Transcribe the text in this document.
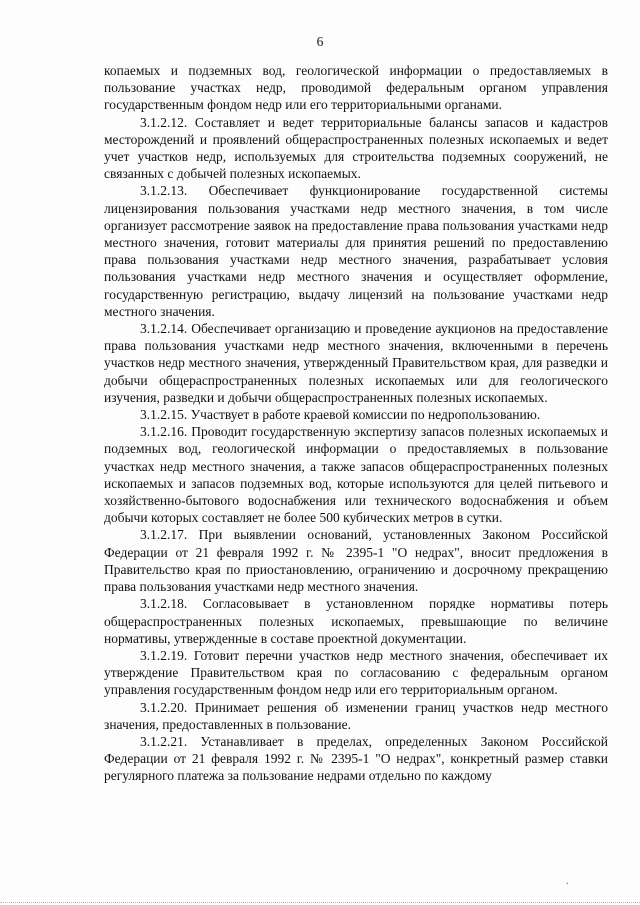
6

копаемых и подземных вод, геологической информации о предоставляемых в пользование участках недр, проводимой федеральным органом управления государственным фондом недр или его территориальными органами.

3.1.2.12. Составляет и ведет территориальные балансы запасов и кадастров месторождений и проявлений общераспространенных полезных ископаемых и ведет учет участков недр, используемых для строительства подземных сооружений, не связанных с добычей полезных ископаемых.

3.1.2.13. Обеспечивает функционирование государственной системы лицензирования пользования участками недр местного значения, в том числе организует рассмотрение заявок на предоставление права пользования участками недр местного значения, готовит материалы для принятия решений по предоставлению права пользования участками недр местного значения, разрабатывает условия пользования участками недр местного значения и осуществляет оформление, государственную регистрацию, выдачу лицензий на пользование участками недр местного значения.

3.1.2.14. Обеспечивает организацию и проведение аукционов на предоставление права пользования участками недр местного значения, включенными в перечень участков недр местного значения, утвержденный Правительством края, для разведки и добычи общераспространенных полезных ископаемых или для геологического изучения, разведки и добычи общераспространенных полезных ископаемых.

3.1.2.15. Участвует в работе краевой комиссии по недропользованию.

3.1.2.16. Проводит государственную экспертизу запасов полезных ископаемых и подземных вод, геологической информации о предоставляемых в пользование участках недр местного значения, а также запасов общераспространенных полезных ископаемых и запасов подземных вод, которые используются для целей питьевого и хозяйственно-бытового водоснабжения или технического водоснабжения и объем добычи которых составляет не более 500 кубических метров в сутки.

3.1.2.17. При выявлении оснований, установленных Законом Российской Федерации от 21 февраля 1992 г. № 2395-1 "О недрах", вносит предложения в Правительство края по приостановлению, ограничению и досрочному прекращению права пользования участками недр местного значения.

3.1.2.18. Согласовывает в установленном порядке нормативы потерь общераспространенных полезных ископаемых, превышающие по величине нормативы, утвержденные в составе проектной документации.

3.1.2.19. Готовит перечни участков недр местного значения, обеспечивает их утверждение Правительством края по согласованию с федеральным органом управления государственным фондом недр или его территориальным органом.

3.1.2.20. Принимает решения об изменении границ участков недр местного значения, предоставленных в пользование.

3.1.2.21. Устанавливает в пределах, определенных Законом Российской Федерации от 21 февраля 1992 г. № 2395-1 "О недрах", конкретный размер ставки регулярного платежа за пользование недрами отдельно по каждому

.
